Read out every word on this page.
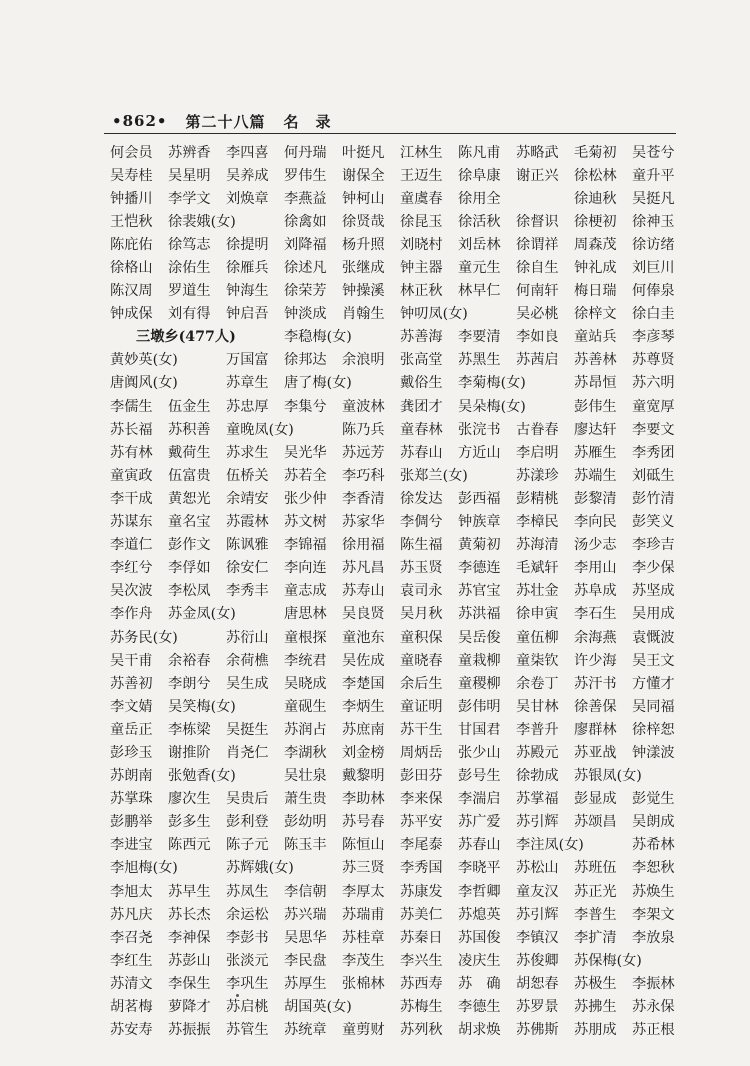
•862• 第二十八篇 名　录
何会员	苏辨香	李四喜	何丹瑞	叶挺凡	江林生	陈凡甫	苏略武	毛菊初	吴苍兮
吴寿桂	吴星明	吴养成	罗伟生	谢保全	王迈生	徐阜康	谢正兴	徐松林	童升平
钟播川	李学文	刘焕章	李燕益	钟柯山	童虞春	徐用全	徐迪秋	吴挺凡
王恺秋	徐裴娥(女)	徐禽如	徐贤哉	徐昆玉	徐活秋	徐督识	徐梗初	徐神玉
陈庇佑	徐笃志	徐提明	刘降福	杨升照	刘晓村	刘岳林	徐谓祥	周森茂	徐访绪
徐格山	涂佑生	徐雁兵	徐述凡	张继成	钟主器	童元生	徐自生	钟礼成	刘巨川
陈汉周	罗道生	钟海生	徐荣芳	钟操溪	林正秋	林早仁	何南轩	梅日瑞	何俸泉
钟成保	刘有得	钟启吾	钟淡成	肖翰生	钟叨凤(女)	吴必桃	徐梓文	徐白圭
三墩乡(477人)	李稳梅(女)	苏善海	李要清	李如良	童站兵	李彦琴
黄妙英(女)	万国富	徐邦达	余浪明	张高堂	苏黑生	苏茜启	苏善林	苏尊贤
唐阗风(女)	苏章生	唐了梅(女)	戴俗生	李菊梅(女)	苏昂恒	苏六明
李儒生	伍金生	苏忠厚	李集兮	童波林	龚团才	吴朵梅(女)	彭伟生	童宽厚
苏长福	苏积善	童晚凤(女)	陈乃兵	童春林	张浣书	古眷春	廖达轩	李要文
苏有林	戴荷生	苏求生	吴光华	苏远芳	苏春山	方近山	李启明	苏雁生	李秀团
童寅政	伍富贵	伍桥关	苏若全	李巧科	张郑兰(女)	苏漾珍	苏端生	刘砥生
李干成	黄恕光	余靖安	张少仲	李香清	徐发达	彭西福	彭精桃	彭黎清	彭竹清
苏谋东	童名宝	苏霞林	苏文树	苏家华	李倜兮	钟族章	李樟民	李向民	彭笑义
李道仁	彭作文	陈讽雅	李锦福	徐用福	陈生福	黄菊初	苏海清	汤少志	李珍吉
李红兮	李俘如	徐安仁	李向连	苏凡昌	苏玉贤	李德连	毛斌轩	李用山	李少保
吴次波	李松凤	李秀丰	童志成	苏寿山	袁司永	苏官宝	苏壮金	苏阜成	苏坚成
李作舟	苏金凤(女)	唐思林	吴良贤	吴月秋	苏洪福	徐申寅	李石生	吴用成
苏务民(女)	苏衍山	童根探	童池东	童积保	吴岳俊	童伍柳	余海燕	袁慨波
吴干甫	余裕春	余荷樵	李统君	吴佐成	童晓春	童栽柳	童柒钦	许少海	吴王文
苏善初	李朗兮	吴生成	吴晓成	李楚国	余后生	童稷柳	余卷丁	苏汗书	方懂才
李文婧	吴笑梅(女)	童砚生	李炳生	童证明	彭伟明	吴甘林	徐善保	吴同福
童岳正	李栋梁	吴挺生	苏润占	苏庶南	苏干生	甘国君	李普升	廖群林	徐梓恕
彭珍玉	谢推阶	肖尧仁	李湖秋	刘金榜	周炳岳	张少山	苏殿元	苏亚战	钟漾波
苏朗南	张勉香(女)	吴壮泉	戴黎明	彭田芬	彭号生	徐勃成	苏银凤(女)
苏掌珠	廖次生	吴贵后	萧生贵	李助林	李来保	李湍启	苏掌福	彭显成	彭觉生
彭鹏举	彭多生	彭利登	彭幼明	苏号春	苏平安	苏广爱	苏引辉	苏颂昌	吴朗成
李进宝	陈西元	陈子元	陈玉丰	陈恒山	李尾泰	苏春山	李注凤(女)	苏希林
李旭梅(女)	苏辉娥(女)	苏三贤	李秀国	李晓平	苏松山	苏班伍	李恕秋
李旭太	苏早生	苏凤生	李信朝	李厚太	苏康发	李哲卿	童友汉	苏正光	苏焕生
苏凡庆	苏长杰	余运松	苏兴瑞	苏瑞甫	苏美仁	苏熄英	苏引辉	李普生	李架文
李召尧	李神保	李彭书	吴思华	苏桂章	苏秦日	苏国俊	李镇汉	李扩清	李放泉
李红生	苏彭山	张淡元	李民盘	李茂生	李兴生	凌庆生	苏俊卿	苏保梅(女)
苏清文	李保生	李巩生	苏厚生	张棉林	苏西寿	苏　确	胡恕春	苏极生	李振林
胡茗梅	萝降才	苏启桃	胡国英(女)	苏梅生	李德生	苏罗景	苏拂生	苏永保
苏安寿	苏振振	苏管生	苏统章	童剪财	苏列秋	胡求焕	苏佛斯	苏朋成	苏正根
